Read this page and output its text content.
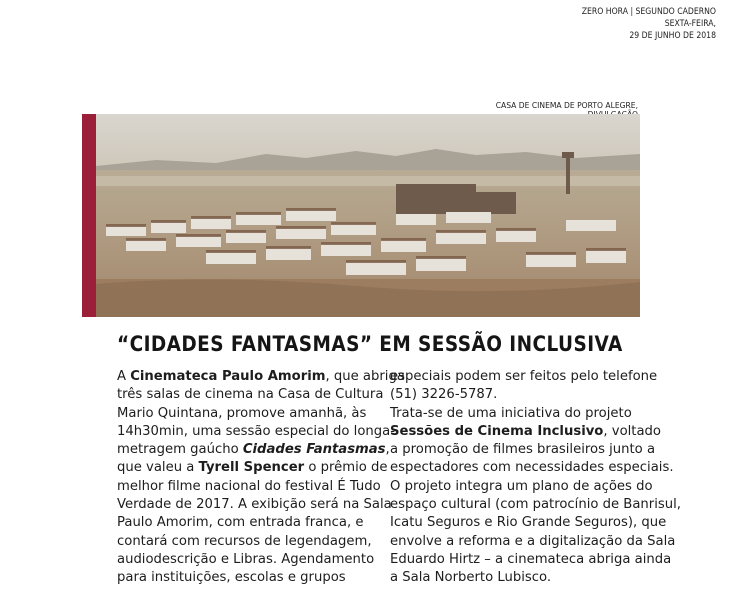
ZERO HORA | SEGUNDO CADERNO
SEXTA-FEIRA,
29 DE JUNHO DE 2018
CASA DE CINEMA DE PORTO ALEGRE,
“CIDADES FANTASMAS” EM SESSÃO INCLUSIVA
A Cinemateca Paulo Amorim, que abriga
três salas de cinema na Casa de Cultura
Mario Quintana, promove amanhã, às
14h30min, uma sessão especial do longa-
metragem gaúcho Cidades Fantasmas,
que valeu a Tyrell Spencer o prêmio de
melhor filme nacional do festival É Tudo
Verdade de 2017. A exibição será na Sala
Paulo Amorim, com entrada franca, e
contará com recursos de legendagem,
audiodescrição e Libras. Agendamento
para instituições, escolas e grupos
especiais podem ser feitos pelo telefone
(51) 3226-5787.
Trata-se de uma iniciativa do projeto
Sessões de Cinema Inclusivo, voltado
a promoção de filmes brasileiros junto a
espectadores com necessidades especiais.
O projeto integra um plano de ações do
espaço cultural (com patrocínio de Banrisul,
Icatu Seguros e Rio Grande Seguros), que
envolve a reforma e a digitalização da Sala
Eduardo Hirtz – a cinemateca abriga ainda
a Sala Norberto Lubisco.
